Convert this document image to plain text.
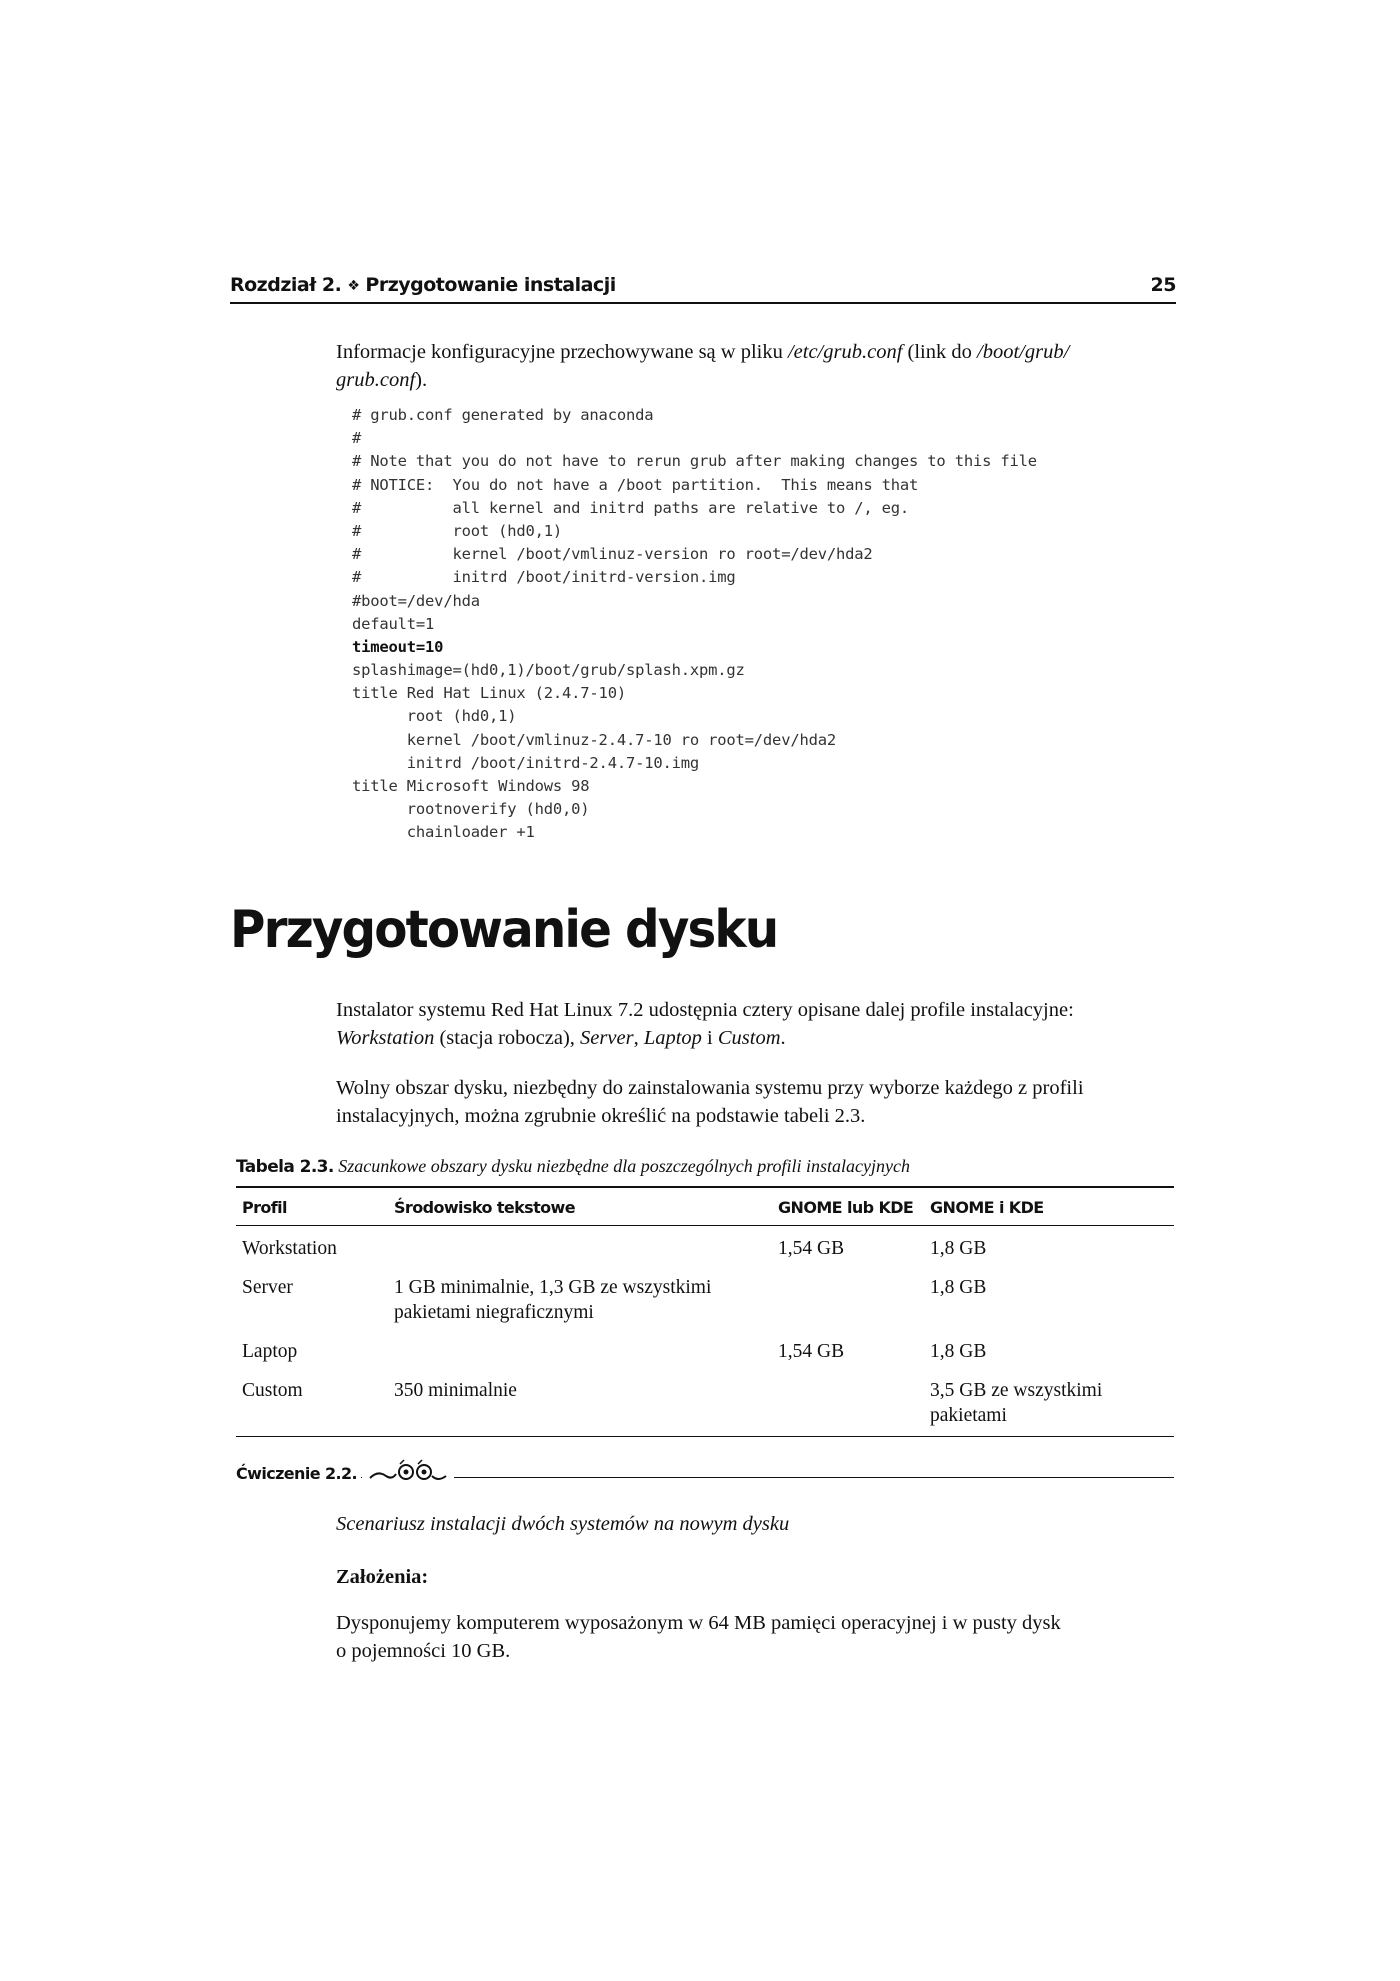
Rozdział 2. ❖ Przygotowanie instalacji	25
Informacje konfiguracyjne przechowywane są w pliku /etc/grub.conf (link do /boot/grub/
grub.conf).
# grub.conf generated by anaconda
#
# Note that you do not have to rerun grub after making changes to this file
# NOTICE:  You do not have a /boot partition.  This means that
#          all kernel and initrd paths are relative to /, eg.
#          root (hd0,1)
#          kernel /boot/vmlinuz-version ro root=/dev/hda2
#          initrd /boot/initrd-version.img
#boot=/dev/hda
default=1
timeout=10
splashimage=(hd0,1)/boot/grub/splash.xpm.gz
title Red Hat Linux (2.4.7-10)
root (hd0,1)
kernel /boot/vmlinuz-2.4.7-10 ro root=/dev/hda2
initrd /boot/initrd-2.4.7-10.img
title Microsoft Windows 98
rootnoverify (hd0,0)
chainloader +1
Przygotowanie dysku
Instalator systemu Red Hat Linux 7.2 udostępnia cztery opisane dalej profile instalacyjne:
Workstation (stacja robocza), Server, Laptop i Custom.
Wolny obszar dysku, niezbędny do zainstalowania systemu przy wyborze każdego z profili
instalacyjnych, można zgrubnie określić na podstawie tabeli 2.3.
Tabela 2.3. Szacunkowe obszary dysku niezbędne dla poszczególnych profili instalacyjnych
Profil	Środowisko tekstowe	GNOME lub KDE	GNOME i KDE
Workstation		1,54 GB	1,8 GB
Server	1 GB minimalnie, 1,3 GB ze wszystkimi pakietami niegraficznymi		1,8 GB
Laptop		1,54 GB	1,8 GB
Custom	350 minimalnie		3,5 GB ze wszystkimi pakietami
Ćwiczenie 2.2.
Scenariusz instalacji dwóch systemów na nowym dysku
Założenia:
Dysponujemy komputerem wyposażonym w 64 MB pamięci operacyjnej i w pusty dysk
o pojemności 10 GB.
